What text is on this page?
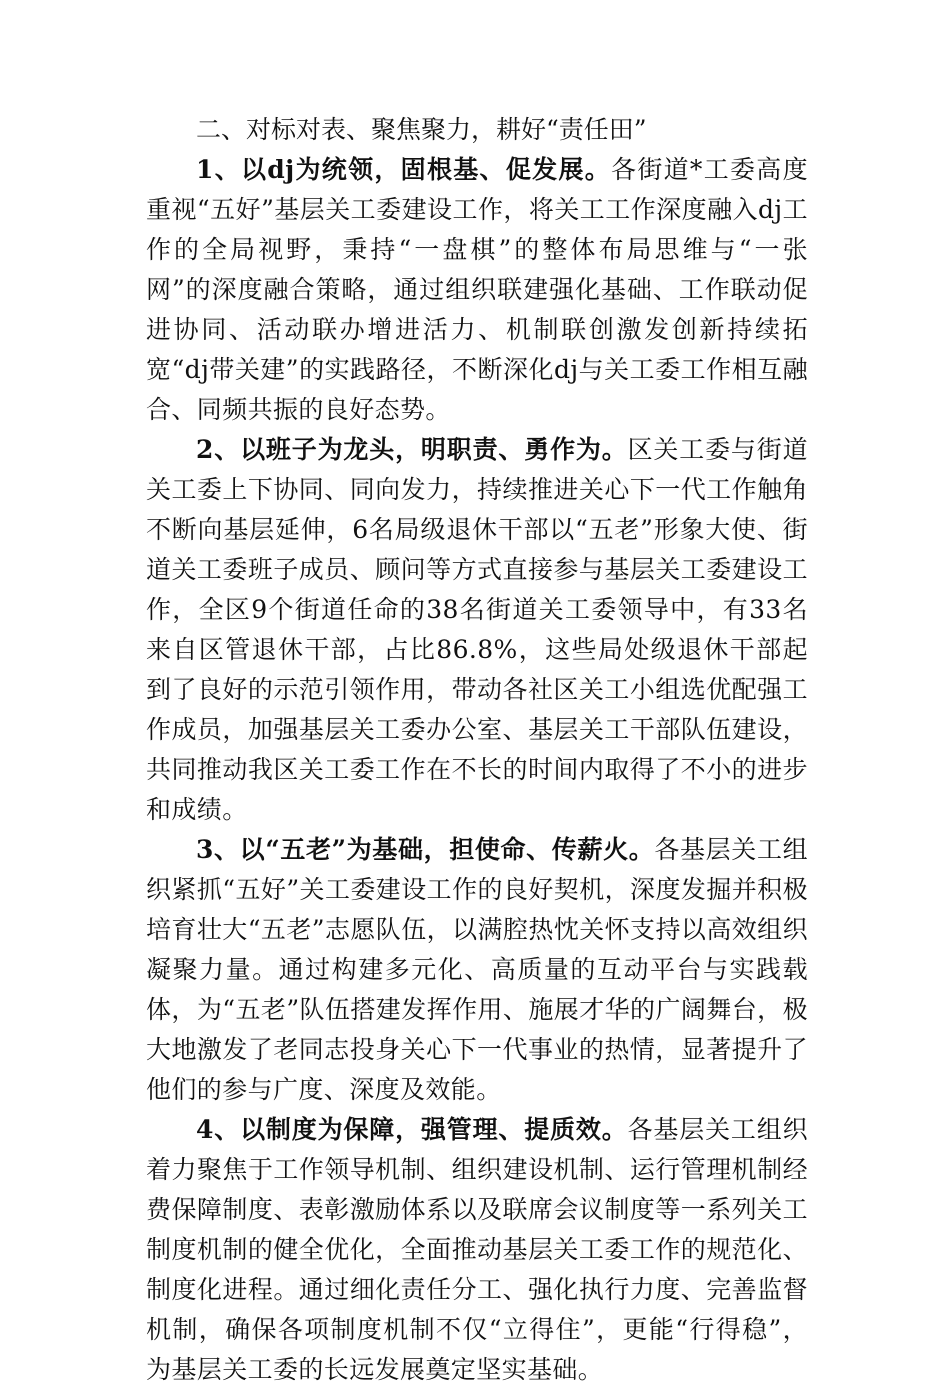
二、对标对表、聚焦聚力，耕好“责任田”

1、以dj为统领，固根基、促发展。各街道*工委高度重视“五好”基层关工委建设工作，将关工工作深度融入dj工作的全局视野，秉持“一盘棋”的整体布局思维与“一张网”的深度融合策略，通过组织联建强化基础、工作联动促进协同、活动联办增进活力、机制联创激发创新持续拓宽“dj带关建”的实践路径，不断深化dj与关工委工作相互融合、同频共振的良好态势。

2、以班子为龙头，明职责、勇作为。区关工委与街道关工委上下协同、同向发力，持续推进关心下一代工作触角不断向基层延伸，6名局级退休干部以“五老”形象大使、街道关工委班子成员、顾问等方式直接参与基层关工委建设工作，全区9个街道任命的38名街道关工委领导中，有33名来自区管退休干部，占比86.8%，这些局处级退休干部起到了良好的示范引领作用，带动各社区关工小组选优配强工作成员，加强基层关工委办公室、基层关工干部队伍建设，共同推动我区关工委工作在不长的时间内取得了不小的进步和成绩。

3、以“五老”为基础，担使命、传薪火。各基层关工组织紧抓“五好”关工委建设工作的良好契机，深度发掘并积极培育壮大“五老”志愿队伍，以满腔热忱关怀支持以高效组织凝聚力量。通过构建多元化、高质量的互动平台与实践载体，为“五老”队伍搭建发挥作用、施展才华的广阔舞台，极大地激发了老同志投身关心下一代事业的热情，显著提升了他们的参与广度、深度及效能。

4、以制度为保障，强管理、提质效。各基层关工组织着力聚焦于工作领导机制、组织建设机制、运行管理机制经费保障制度、表彰激励体系以及联席会议制度等一系列关工制度机制的健全优化，全面推动基层关工委工作的规范化、制度化进程。通过细化责任分工、强化执行力度、完善监督机制，确保各项制度机制不仅“立得住”，更能“行得稳”，为基层关工委的长远发展奠定坚实基础。
